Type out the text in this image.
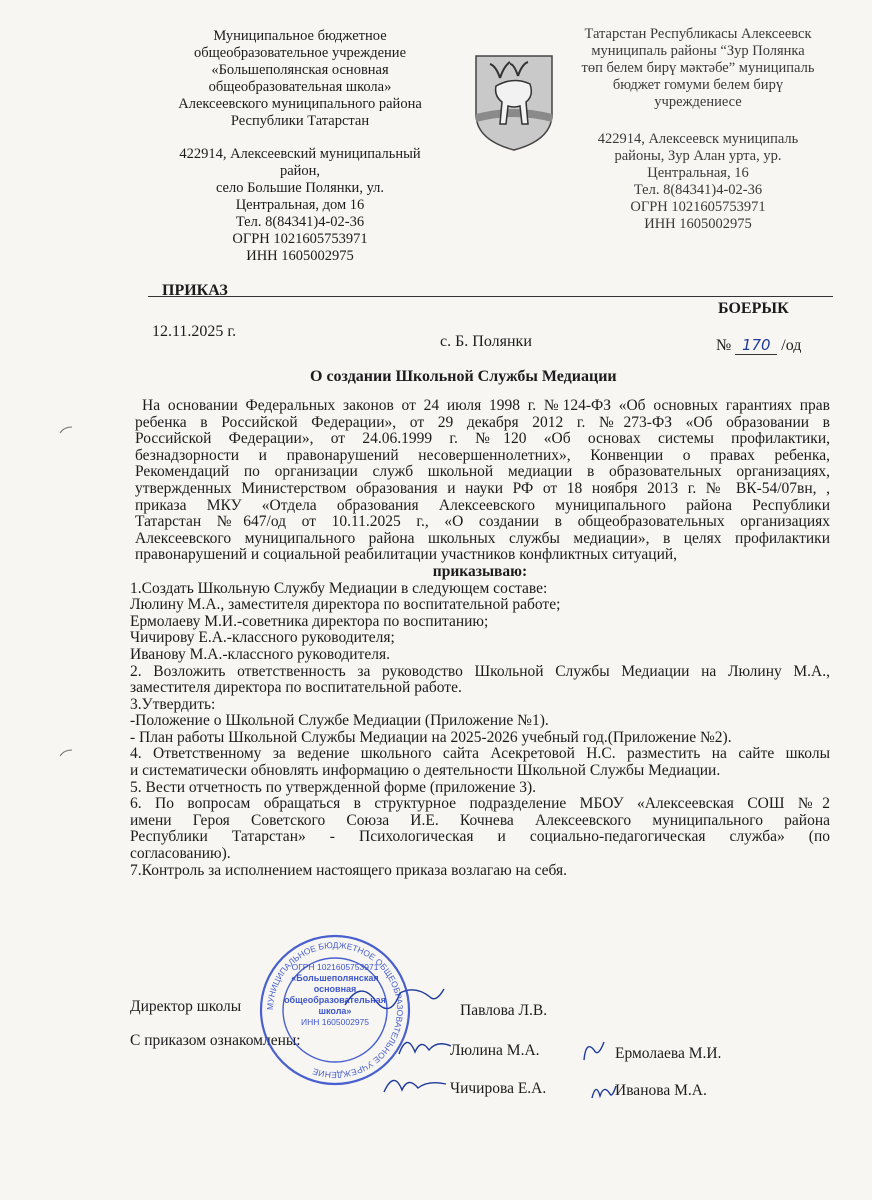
Муниципальное бюджетное
общеобразовательное учреждение
«Большеполянская основная
общеобразовательная школа»
Алексеевского муниципального района
Республики Татарстан
422914, Алексеевский муниципальный
район,
село Большие Полянки, ул.
Центральная, дом 16
Тел. 8(84341)4-02-36
ОГРН 1021605753971
ИНН 1605002975
Татарстан Республикасы Алексеевск
муниципаль районы “Зур Полянка
төп белем бирү мәктәбе” муниципаль
бюджет гомуми белем бирү
учреждениесе
422914, Алексеевск муниципаль
районы, Зур Алан урта, ур.
Центральная, 16
Тел. 8(84341)4-02-36
ОГРН 1021605753971
ИНН 1605002975
ПРИКАЗ
БОЕРЫК
12.11.2025 г.
с. Б. Полянки	№ 170 /од
О создании Школьной Службы Медиации
На основании Федеральных законов от 24 июля 1998 г. №124-ФЗ «Об основных гарантиях прав
ребенка в Российской Федерации», от 29 декабря 2012 г. №273-ФЗ «Об образовании в
Российской Федерации», от 24.06.1999 г. №120 «Об основах системы профилактики,
безнадзорности и правонарушений несовершеннолетних», Конвенции о правах ребенка,
Рекомендаций по организации служб школьной медиации в образовательных организациях,
утвержденных Министерством образования и науки РФ от 18 ноября 2013 г. № ВК-54/07вн, ,
приказа МКУ «Отдела образования Алексеевского муниципального района Республики
Татарстан №647/од от 10.11.2025 г., «О создании в общеобразовательных организациях
Алексеевского муниципального района школьных службы медиации», в целях профилактики
правонарушений и социальной реабилитации участников конфликтных ситуаций,
приказываю:
1.Создать Школьную Службу Медиации в следующем составе:
Люлину М.А., заместителя директора по воспитательной работе;
Ермолаеву М.И.-советника директора по воспитанию;
Чичирову Е.А.-классного руководителя;
Иванову М.А.-классного руководителя.
2. Возложить ответственность за руководство Школьной Службы Медиации на Люлину М.А.,
заместителя директора по воспитательной работе.
3.Утвердить:
-Положение о Школьной Службе Медиации (Приложение №1).
- План работы Школьной Службы Медиации на 2025-2026 учебный год.(Приложение №2).
4. Ответственному за ведение школьного сайта Асекретовой Н.С. разместить на сайте школы
и систематически обновлять информацию о деятельности Школьной Службы Медиации.
5. Вести отчетность по утвержденной форме (приложение 3).
6. По вопросам обращаться в структурное подразделение МБОУ «Алексеевская СОШ №2
имени Героя Советского Союза И.Е. Кочнева Алексеевского муниципального района
Республики Татарстан» - Психологическая и социально-педагогическая служба» (по
согласованию).
7.Контроль за исполнением настоящего приказа возлагаю на себя.
Директор школы	Павлова Л.В.
С приказом ознакомлены:
Люлина М.А.	Ермолаева М.И.
Чичирова Е.А.	Иванова М.А.
МУНИЦИПАЛЬНОЕ БЮДЖЕТНОЕ ОБЩЕОБРАЗОВАТЕЛЬНОЕ УЧРЕЖДЕНИЕ
ОГРН 1021605753971
«Большеполянская
основная
общеобразовательная
школа»
ИНН 1605002975
